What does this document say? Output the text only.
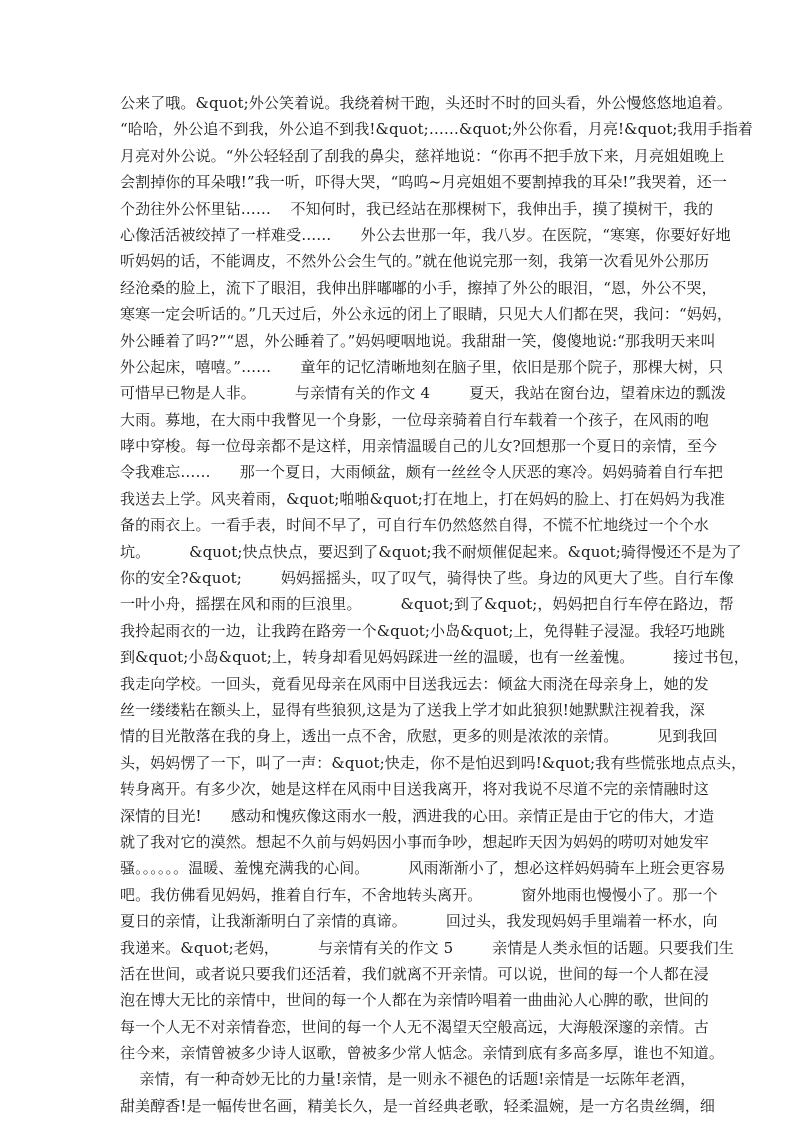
公来了哦。&quot;外公笑着说。我绕着树干跑，头还时不时的回头看，外公慢悠悠地追着。
“哈哈，外公追不到我，外公追不到我!&quot;……&quot;外公你看，月亮!&quot;我用手指着
月亮对外公说。“外公轻轻刮了刮我的鼻尖，慈祥地说：“你再不把手放下来，月亮姐姐晚上
会割掉你的耳朵哦!”我一听，吓得大哭，“呜呜~月亮姐姐不要割掉我的耳朵!”我哭着，还一
个劲往外公怀里钻……    不知何时，我已经站在那棵树下，我伸出手，摸了摸树干，我的
心像活活被绞掉了一样难受……      外公去世那一年，我八岁。在医院，“寒寒，你要好好地
听妈妈的话，不能调皮，不然外公会生气的。”就在他说完那一刻，我第一次看见外公那历
经沧桑的脸上，流下了眼泪，我伸出胖嘟嘟的小手，擦掉了外公的眼泪，“恩，外公不哭，
寒寒一定会听话的。”几天过后，外公永远的闭上了眼睛，只见大人们都在哭，我问：“妈妈，
外公睡着了吗?”“恩，外公睡着了。”妈妈哽咽地说。我甜甜一笑，傻傻地说:“那我明天来叫
外公起床，嘻嘻。”……      童年的记忆清晰地刻在脑子里，依旧是那个院子，那棵大树，只
可惜早已物是人非。        与亲情有关的作文 4        夏天，我站在窗台边，望着床边的瓢泼
大雨。募地，在大雨中我瞥见一个身影，一位母亲骑着自行车载着一个孩子，在风雨的咆
哮中穿梭。每一位母亲都不是这样，用亲情温暖自己的儿女?回想那一个夏日的亲情，至今
令我难忘……      那一个夏日，大雨倾盆，颇有一丝丝令人厌恶的寒冷。妈妈骑着自行车把
我送去上学。风夹着雨，&quot;啪啪&quot;打在地上，打在妈妈的脸上、打在妈妈为我准
备的雨衣上。一看手表，时间不早了，可自行车仍然悠然自得，不慌不忙地绕过一个个水
坑。        &quot;快点快点，要迟到了&quot;我不耐烦催促起来。&quot;骑得慢还不是为了
你的安全?&quot;        妈妈摇摇头，叹了叹气，骑得快了些。身边的风更大了些。自行车像
一叶小舟，摇摆在风和雨的巨浪里。        &quot;到了&quot;，妈妈把自行车停在路边，帮
我拎起雨衣的一边，让我跨在路旁一个&quot;小岛&quot;上，免得鞋子浸湿。我轻巧地跳
到&quot;小岛&quot;上，转身却看见妈妈踩进一丝的温暖，也有一丝羞愧。        接过书包，
我走向学校。一回头，竟看见母亲在风雨中目送我远去：倾盆大雨浇在母亲身上，她的发
丝一缕缕粘在额头上，显得有些狼狈,这是为了送我上学才如此狼狈!她默默注视着我，深
情的目光散落在我的身上，透出一点不舍，欣慰，更多的则是浓浓的亲情。        见到我回
头，妈妈愣了一下，叫了一声：&quot;快走，你不是怕迟到吗!&quot;我有些慌张地点点头，
转身离开。有多少次，她是这样在风雨中目送我离开，将对我说不尽道不完的亲情融时这
深情的目光!      感动和愧疚像这雨水一般，洒进我的心田。亲情正是由于它的伟大，才造
就了我对它的漠然。想起不久前与妈妈因小事而争吵，想起昨天因为妈妈的唠叨对她发牢
骚。。。。。。温暖、羞愧充满我的心间。        风雨渐渐小了，想必这样妈妈骑车上班会更容易
吧。我仿佛看见妈妈，推着自行车，不舍地转头离开。        窗外地雨也慢慢小了。那一个
夏日的亲情，让我渐渐明白了亲情的真谛。        回过头，我发现妈妈手里端着一杯水，向
我递来。&quot;老妈，        与亲情有关的作文 5        亲情是人类永恒的话题。只要我们生
活在世间，或者说只要我们还活着，我们就离不开亲情。可以说，世间的每一个人都在浸
泡在博大无比的亲情中，世间的每一个人都在为亲情吟唱着一曲曲沁人心脾的歌，世间的
每一个人无不对亲情眷恋，世间的每一个人无不渴望天空般高远，大海般深邃的亲情。古
往今来，亲情曾被多少诗人讴歌，曾被多少常人惦念。亲情到底有多高多厚，谁也不知道。
亲情，有一种奇妙无比的力量!亲情，是一则永不褪色的话题!亲情是一坛陈年老酒，
甜美醇香!是一幅传世名画，精美长久，是一首经典老歌，轻柔温婉，是一方名贵丝绸，细
